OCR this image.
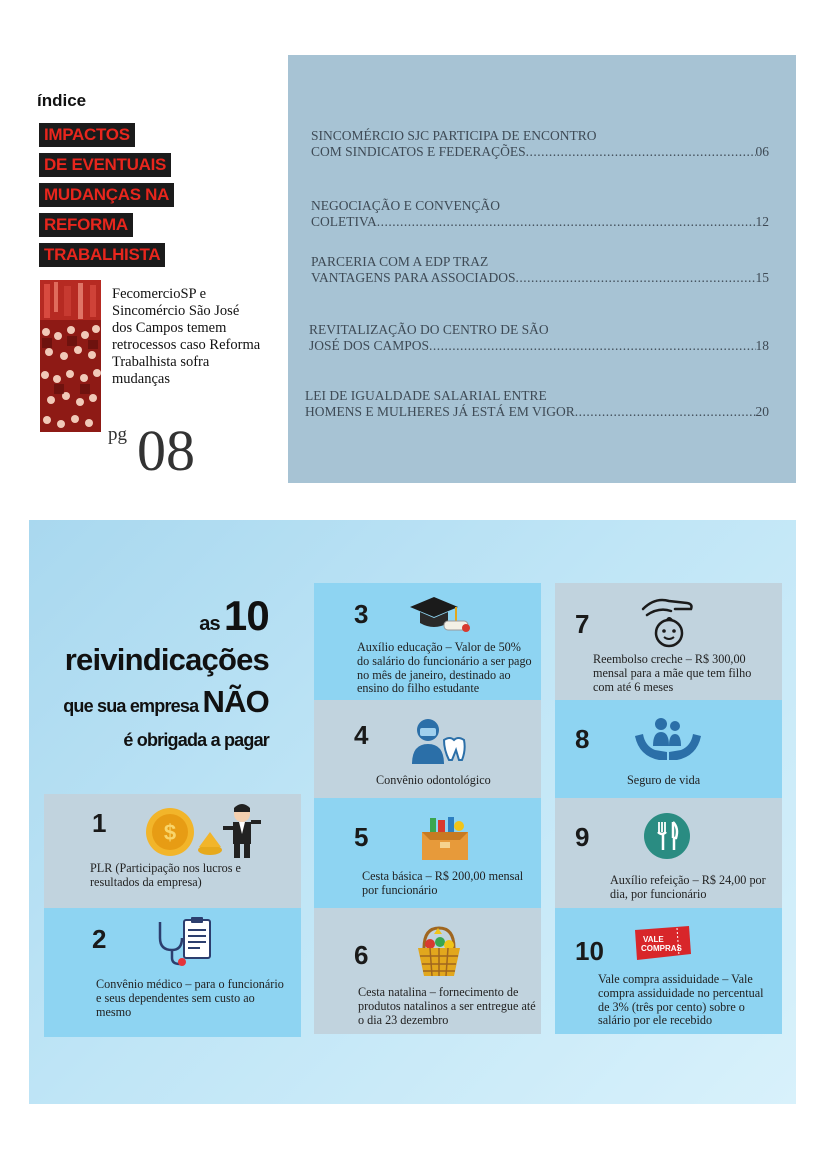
índice
IMPACTOS
DE EVENTUAIS
MUDANÇAS NA
REFORMA
TRABALHISTA
FecomercioSP e Sincomércio São José dos Campos temem retrocessos caso Reforma Trabalhista sofra mudanças
pg 08
SINCOMÉRCIO SJC PARTICIPA DE ENCONTRO
COM SINDICATOS E FEDERAÇÕES .....	06
NEGOCIAÇÃO E CONVENÇÃO
COLETIVA .....	12
PARCERIA COM A EDP TRAZ
VANTAGENS PARA ASSOCIADOS .....	15
REVITALIZAÇÃO DO CENTRO DE SÃO
JOSÉ DOS CAMPOS .....	18
LEI DE IGUALDADE SALARIAL ENTRE
HOMENS E MULHERES JÁ ESTÁ EM VIGOR .....	20
as10
reivindicações
que sua empresa NÃO
é obrigada a pagar
1	$
PLR (Participação nos lucros e resultados da empresa)
2
Convênio médico – para o funcionário e seus dependentes sem custo ao mesmo
3
Auxílio educação – Valor de 50% do salário do funcionário a ser pago no mês de janeiro, destinado ao ensino do filho estudante
4
Convênio odontológico
5
Cesta básica – R$ 200,00 mensal por funcionário
6
Cesta natalina – fornecimento de produtos natalinos a ser entregue até o dia 23 dezembro
7
Reembolso creche – R$ 300,00 mensal para a mãe que tem filho com até 6 meses
8
Seguro de vida
9
Auxílio refeição – R$ 24,00 por dia, por funcionário
10	VALE
COMPRAS
Vale compra assiduidade – Vale compra assiduidade no percentual de 3% (três por cento) sobre o salário por ele recebido
